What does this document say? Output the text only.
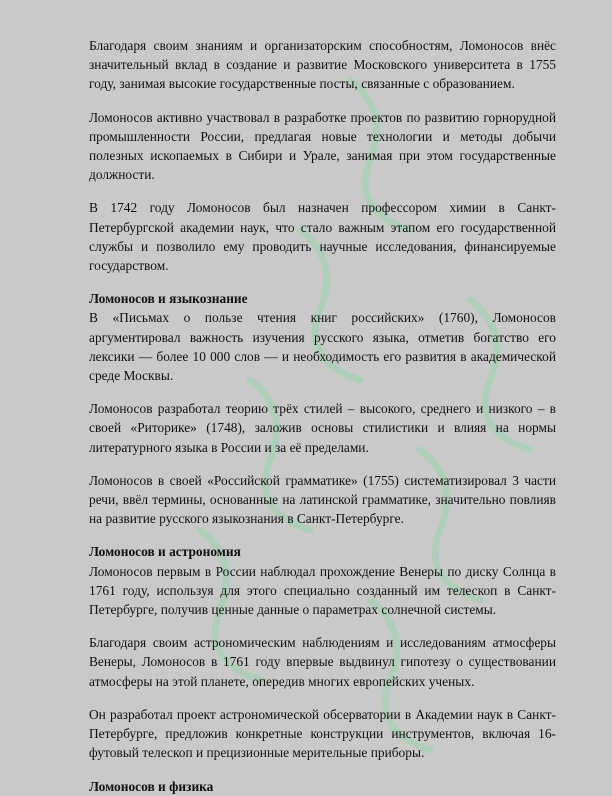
Благодаря своим знаниям и организаторским способностям, Ломоносов внёс значительный вклад в создание и развитие Московского университета в 1755 году, занимая высокие государственные посты, связанные с образованием.

Ломоносов активно участвовал в разработке проектов по развитию горнорудной промышленности России, предлагая новые технологии и методы добычи полезных ископаемых в Сибири и Урале, занимая при этом государственные должности.

В 1742 году Ломоносов был назначен профессором химии в Санкт-Петербургской академии наук, что стало важным этапом его государственной службы и позволило ему проводить научные исследования, финансируемые государством.

Ломоносов и языкознание

В «Письмах о пользе чтения книг российских» (1760), Ломоносов аргументировал важность изучения русского языка, отметив богатство его лексики — более 10 000 слов — и необходимость его развития в академической среде Москвы.

Ломоносов разработал теорию трёх стилей – высокого, среднего и низкого – в своей «Риторике» (1748), заложив основы стилистики и влияя на нормы литературного языка в России и за её пределами.

Ломоносов в своей «Российской грамматике» (1755) систематизировал 3 части речи, ввёл термины, основанные на латинской грамматике, значительно повлияв на развитие русского языкознания в Санкт-Петербурге.

Ломоносов и астрономия

Ломоносов первым в России наблюдал прохождение Венеры по диску Солнца в 1761 году, используя для этого специально созданный им телескоп в Санкт-Петербурге, получив ценные данные о параметрах солнечной системы.

Благодаря своим астрономическим наблюдениям и исследованиям атмосферы Венеры, Ломоносов в 1761 году впервые выдвинул гипотезу о существовании атмосферы на этой планете, опередив многих европейских ученых.

Он разработал проект астрономической обсерватории в Академии наук в Санкт-Петербурге, предложив конкретные конструкции инструментов, включая 16-футовый телескоп и прецизионные мерительные приборы.

Ломоносов и физика
